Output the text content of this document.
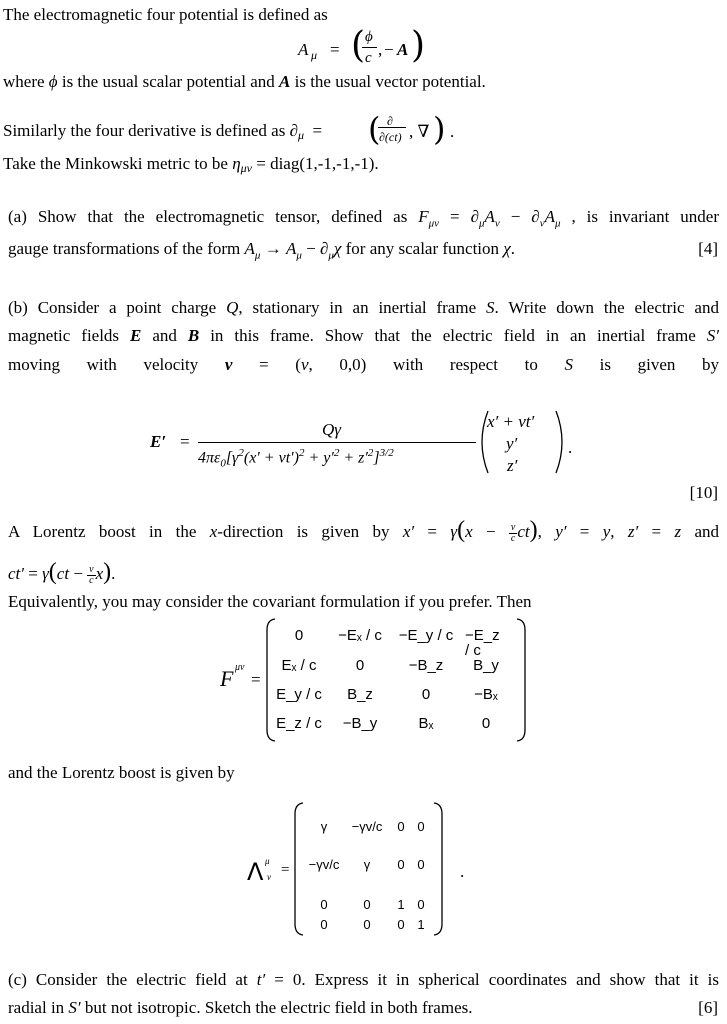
The electromagnetic four potential is defined as
A μ = ( ϕ
c , − A )
where ϕ is the usual scalar potential and A is the usual vector potential.
Similarly the four derivative is defined as ∂μ  = ( ∂
∂(ct) , ∇ ) .
Take the Minkowski metric to be ημν = diag(1,-1,-1,-1).
(a) Show that the electromagnetic tensor, defined as $F_{\mu\nu} = \partial_\mu A_\nu - \partial_\nu A_\mu$ , is invariant under
gauge transformations of the form $A_\mu \to A_\mu - \partial_\mu\chi$ for any scalar function χ.	[4]
(b) Consider a point charge Q, stationary in an inertial frame S. Write down the electric and
magnetic fields E and B in this frame. Show that the electric field in an inertial frame S′
moving with velocity v = (v, 0,0) with respect to S is given by
E′ =
Qγ
$4\pi\varepsilon_0[\gamma^2(x' + vt')^2 + y'^2 + z'^2]^{3/2}$
x′ + vt′
y′
z′
.
[10]
A Lorentz boost in the x-direction is given by $x' = \gamma(x - \frac{v}{c} ct)$, y′ = y, z′ = z and
$ct' = \gamma(ct - \frac{v}{c} x)$.
Equivalently, you may consider the covariant formulation if you prefer. Then
F μν
=
0 −Eₓ / c −E_y / c −E_z / c
Eₓ / c	0	−B_z B_y
E_y / c B_z	0	−Bₓ
E_z / c −B_y	Bₓ	0
and the Lorentz boost is given by
Λ μ
ν =
γ −γv/c 0 0
−γv/c γ 0 0
0	0 1 0
0	0 0 1
.
(c) Consider the electric field at t′ = 0. Express it in spherical coordinates and show that it is
radial in S′ but not isotropic. Sketch the electric field in both frames.	[6]
